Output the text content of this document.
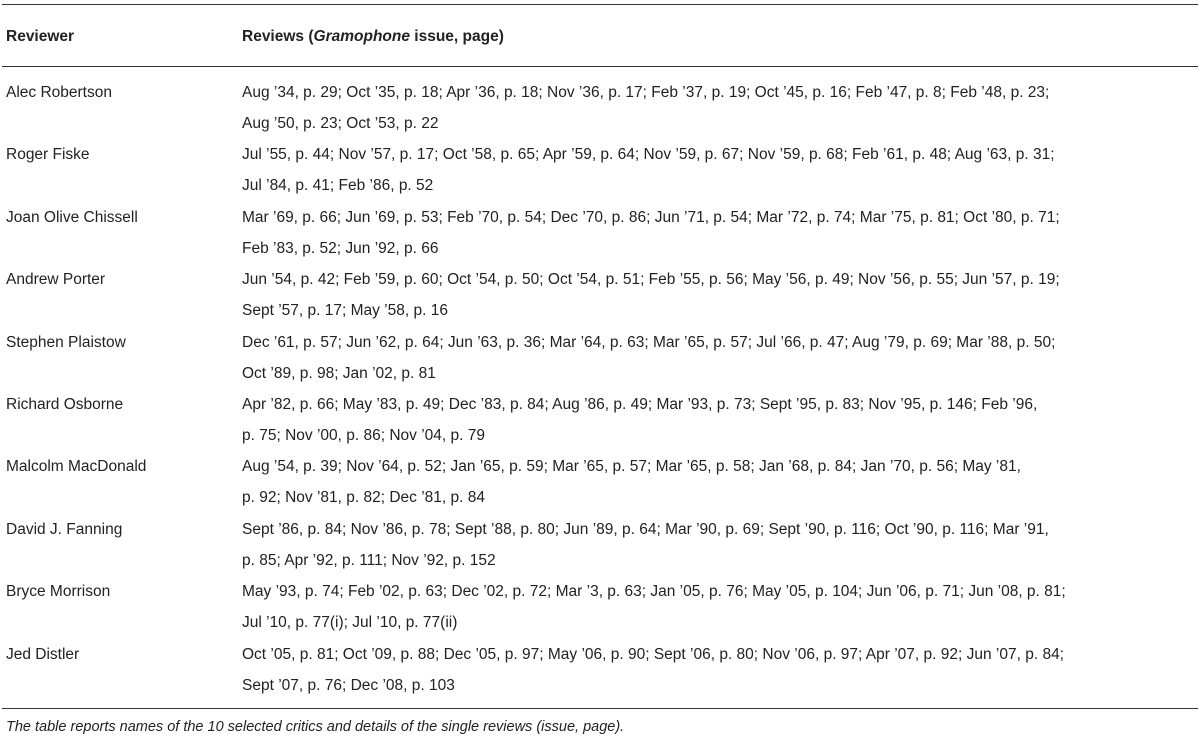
Reviewer	Reviews (Gramophone issue, page)
Alec Robertson	Aug ’34, p. 29; Oct ’35, p. 18; Apr ’36, p. 18; Nov ’36, p. 17; Feb ’37, p. 19; Oct ’45, p. 16; Feb ’47, p. 8; Feb ’48, p. 23;
Aug ’50, p. 23; Oct ’53, p. 22
Roger Fiske	Jul ’55, p. 44; Nov ’57, p. 17; Oct ’58, p. 65; Apr ’59, p. 64; Nov ’59, p. 67; Nov ’59, p. 68; Feb ’61, p. 48; Aug ’63, p. 31;
Jul ’84, p. 41; Feb ’86, p. 52
Joan Olive Chissell	Mar ’69, p. 66; Jun ’69, p. 53; Feb ’70, p. 54; Dec ’70, p. 86; Jun ’71, p. 54; Mar ’72, p. 74; Mar ’75, p. 81; Oct ’80, p. 71;
Feb ’83, p. 52; Jun ’92, p. 66
Andrew Porter	Jun ’54, p. 42; Feb ’59, p. 60; Oct ’54, p. 50; Oct ’54, p. 51; Feb ’55, p. 56; May ’56, p. 49; Nov ’56, p. 55; Jun ’57, p. 19;
Sept ’57, p. 17; May ’58, p. 16
Stephen Plaistow	Dec ’61, p. 57; Jun ’62, p. 64; Jun ’63, p. 36; Mar ’64, p. 63; Mar ’65, p. 57; Jul ’66, p. 47; Aug ’79, p. 69; Mar ’88, p. 50;
Oct ’89, p. 98; Jan ’02, p. 81
Richard Osborne	Apr ’82, p. 66; May ’83, p. 49; Dec ’83, p. 84; Aug ’86, p. 49; Mar ’93, p. 73; Sept ’95, p. 83; Nov ’95, p. 146; Feb ’96,
p. 75; Nov ’00, p. 86; Nov ’04, p. 79
Malcolm MacDonald	Aug ’54, p. 39; Nov ’64, p. 52; Jan ’65, p. 59; Mar ’65, p. 57; Mar ’65, p. 58; Jan ’68, p. 84; Jan ’70, p. 56; May ’81,
p. 92; Nov ’81, p. 82; Dec ’81, p. 84
David J. Fanning	Sept ’86, p. 84; Nov ’86, p. 78; Sept ’88, p. 80; Jun ’89, p. 64; Mar ’90, p. 69; Sept ’90, p. 116; Oct ’90, p. 116; Mar ’91,
p. 85; Apr ’92, p. 111; Nov ’92, p. 152
Bryce Morrison	May ’93, p. 74; Feb ’02, p. 63; Dec ’02, p. 72; Mar ’3, p. 63; Jan ’05, p. 76; May ’05, p. 104; Jun ’06, p. 71; Jun ’08, p. 81;
Jul ’10, p. 77(i); Jul ’10, p. 77(ii)
Jed Distler	Oct ’05, p. 81; Oct ’09, p. 88; Dec ’05, p. 97; May ’06, p. 90; Sept ’06, p. 80; Nov ’06, p. 97; Apr ’07, p. 92; Jun ’07, p. 84;
Sept ’07, p. 76; Dec ’08, p. 103
The table reports names of the 10 selected critics and details of the single reviews (issue, page).
